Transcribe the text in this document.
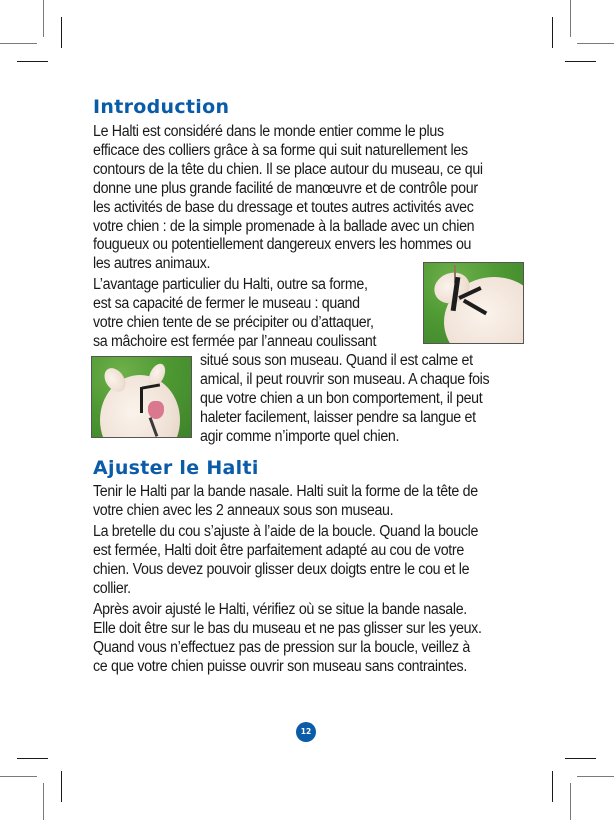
Introduction

Le Halti est considéré dans le monde entier comme le plus
efficace des colliers grâce à sa forme qui suit naturellement les
contours de la tête du chien. Il se place autour du museau, ce qui
donne une plus grande facilité de manœuvre et de contrôle pour
les activités de base du dressage et toutes autres activités avec
votre chien : de la simple promenade à la ballade avec un chien
fougueux ou potentiellement dangereux envers les hommes ou
les autres animaux.

L’avantage particulier du Halti, outre sa forme,
est sa capacité de fermer le museau : quand
votre chien tente de se précipiter ou d’attaquer,
sa mâchoire est fermée par l’anneau coulissant

situé sous son museau. Quand il est calme et
amical, il peut rouvrir son museau. A chaque fois
que votre chien a un bon comportement, il peut
haleter facilement, laisser pendre sa langue et
agir comme n’importe quel chien.

Ajuster le Halti

Tenir le Halti par la bande nasale. Halti suit la forme de la tête de
votre chien avec les 2 anneaux sous son museau.

La bretelle du cou s’ajuste à l’aide de la boucle. Quand la boucle
est fermée, Halti doit être parfaitement adapté au cou de votre
chien. Vous devez pouvoir glisser deux doigts entre le cou et le
collier.

Après avoir ajusté le Halti, vérifiez où se situe la bande nasale.
Elle doit être sur le bas du museau et ne pas glisser sur les yeux.
Quand vous n’effectuez pas de pression sur la boucle, veillez à
ce que votre chien puisse ouvrir son museau sans contraintes.

12
